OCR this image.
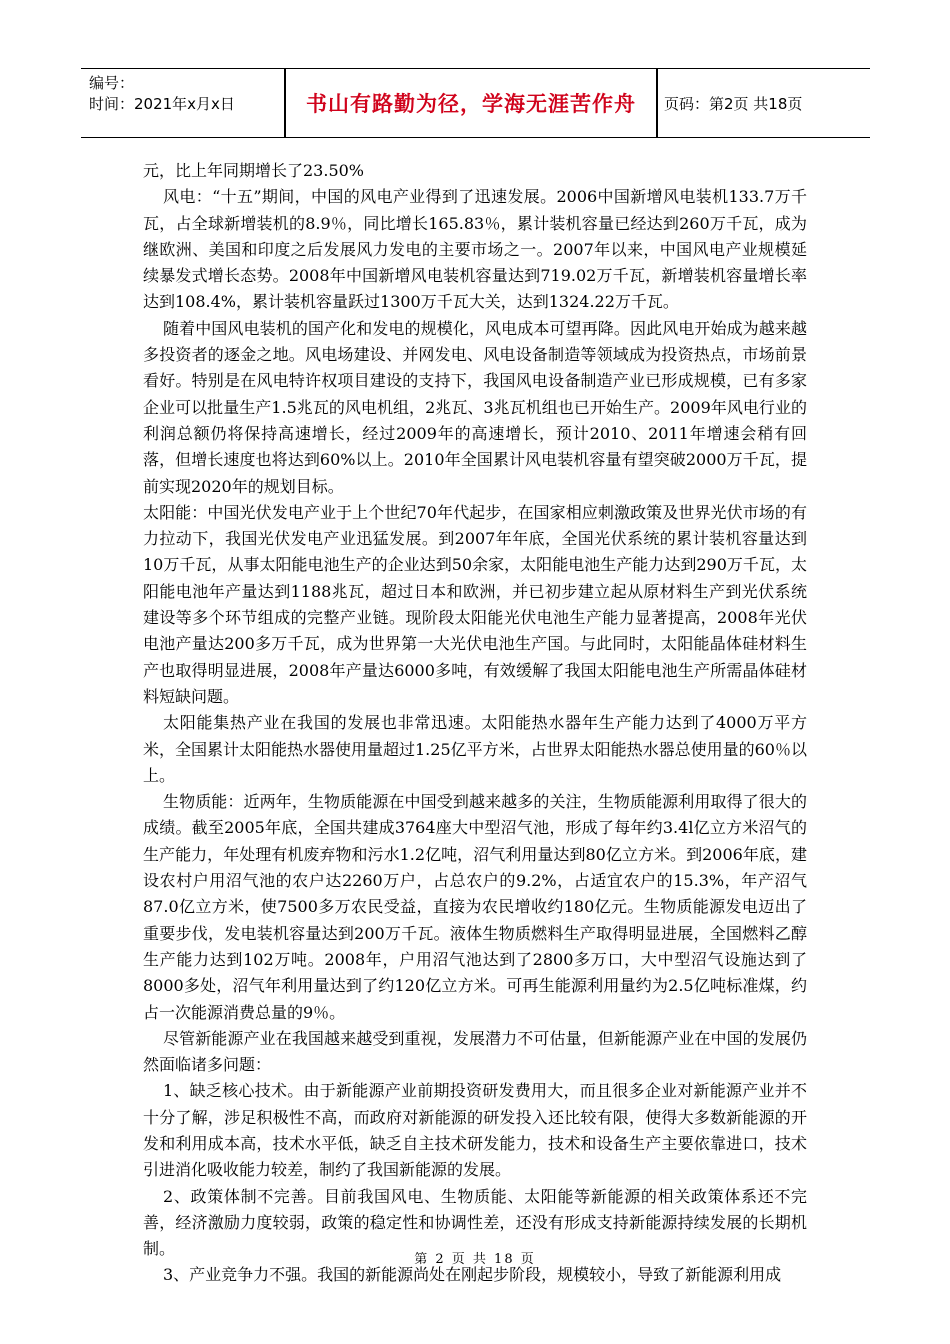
编号：
时间：2021年x月x日	书山有路勤为径，学海无涯苦作舟	页码：第2页 共18页

元，比上年同期增长了23.50%

风电：“十五”期间，中国的风电产业得到了迅速发展。2006中国新增风电装机133.7万千瓦，占全球新增装机的8.9％，同比增长165.83％，累计装机容量已经达到260万千瓦，成为继欧洲、美国和印度之后发展风力发电的主要市场之一。2007年以来，中国风电产业规模延续暴发式增长态势。2008年中国新增风电装机容量达到719.02万千瓦，新增装机容量增长率达到108.4%，累计装机容量跃过1300万千瓦大关，达到1324.22万千瓦。

随着中国风电装机的国产化和发电的规模化，风电成本可望再降。因此风电开始成为越来越多投资者的逐金之地。风电场建设、并网发电、风电设备制造等领域成为投资热点，市场前景看好。特别是在风电特许权项目建设的支持下，我国风电设备制造产业已形成规模，已有多家企业可以批量生产1.5兆瓦的风电机组，2兆瓦、3兆瓦机组也已开始生产。2009年风电行业的利润总额仍将保持高速增长，经过2009年的高速增长，预计2010、2011年增速会稍有回落，但增长速度也将达到60%以上。2010年全国累计风电装机容量有望突破2000万千瓦，提前实现2020年的规划目标。

太阳能：中国光伏发电产业于上个世纪70年代起步，在国家相应刺激政策及世界光伏市场的有力拉动下，我国光伏发电产业迅猛发展。到2007年年底，全国光伏系统的累计装机容量达到10万千瓦，从事太阳能电池生产的企业达到50余家，太阳能电池生产能力达到290万千瓦，太阳能电池年产量达到1188兆瓦，超过日本和欧洲，并已初步建立起从原材料生产到光伏系统建设等多个环节组成的完整产业链。现阶段太阳能光伏电池生产能力显著提高，2008年光伏电池产量达200多万千瓦，成为世界第一大光伏电池生产国。与此同时，太阳能晶体硅材料生产也取得明显进展，2008年产量达6000多吨，有效缓解了我国太阳能电池生产所需晶体硅材料短缺问题。

太阳能集热产业在我国的发展也非常迅速。太阳能热水器年生产能力达到了4000万平方米，全国累计太阳能热水器使用量超过1.25亿平方米，占世界太阳能热水器总使用量的60％以上。

生物质能：近两年，生物质能源在中国受到越来越多的关注，生物质能源利用取得了很大的成绩。截至2005年底，全国共建成3764座大中型沼气池，形成了每年约3.4l亿立方米沼气的生产能力，年处理有机废弃物和污水1.2亿吨，沼气利用量达到80亿立方米。到2006年底，建设农村户用沼气池的农户达2260万户，占总农户的9.2%，占适宜农户的15.3%，年产沼气87.0亿立方米，使7500多万农民受益，直接为农民增收约180亿元。生物质能源发电迈出了重要步伐，发电装机容量达到200万千瓦。液体生物质燃料生产取得明显进展，全国燃料乙醇生产能力达到102万吨。2008年，户用沼气池达到了2800多万口，大中型沼气设施达到了8000多处，沼气年利用量达到了约120亿立方米。可再生能源利用量约为2.5亿吨标准煤，约占一次能源消费总量的9％。

尽管新能源产业在我国越来越受到重视，发展潜力不可估量，但新能源产业在中国的发展仍然面临诸多问题：

1、缺乏核心技术。由于新能源产业前期投资研发费用大，而且很多企业对新能源产业并不十分了解，涉足积极性不高，而政府对新能源的研发投入还比较有限，使得大多数新能源的开发和利用成本高，技术水平低，缺乏自主技术研发能力，技术和设备生产主要依靠进口，技术引进消化吸收能力较差，制约了我国新能源的发展。

2、政策体制不完善。目前我国风电、生物质能、太阳能等新能源的相关政策体系还不完善，经济激励力度较弱，政策的稳定性和协调性差，还没有形成支持新能源持续发展的长期机制。

3、产业竞争力不强。我国的新能源尚处在刚起步阶段，规模较小，导致了新能源利用成

第 2 页 共 18 页
